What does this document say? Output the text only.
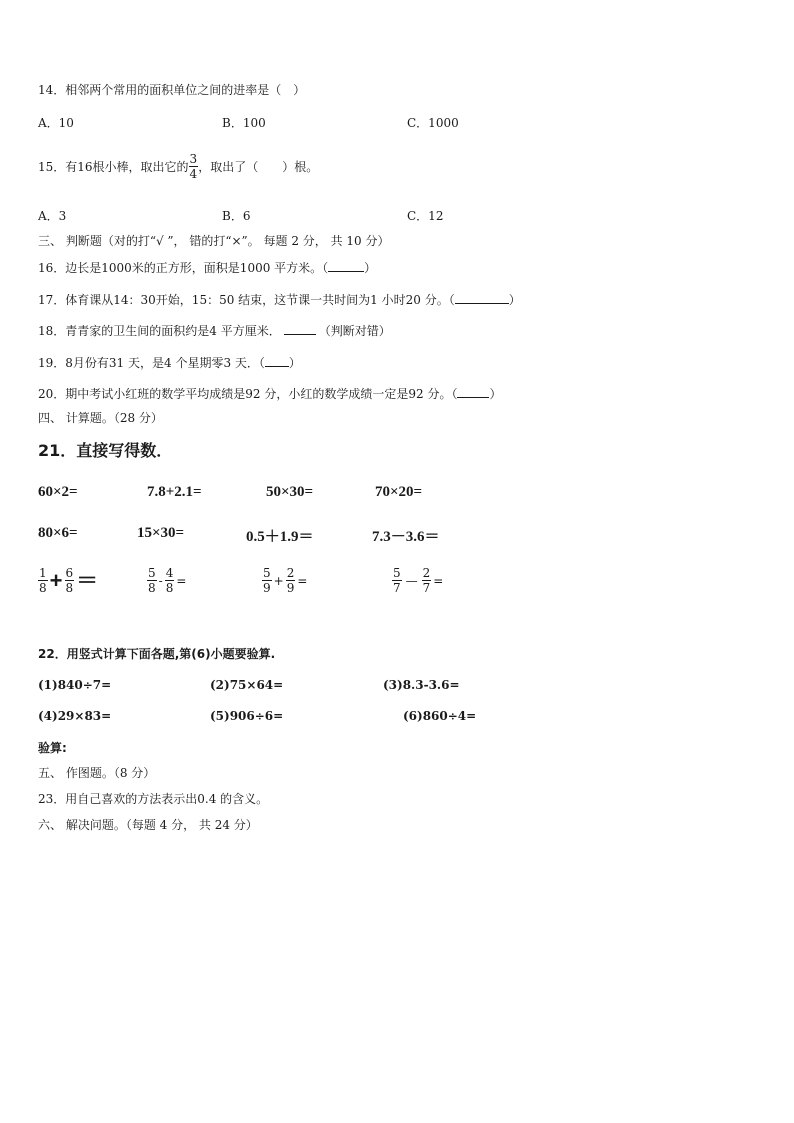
14．相邻两个常用的面积单位之间的进率是（　）
A．10	B．100	C．1000
15．有16根小棒，取出它的 $\frac{3}{4}$ ，取出了（　　）根。
A．3	B．6	C．12
三、 判断题（对的打“√ ”， 错的打“×”。 每题 2 分， 共 10 分）
16．边长是1000米的正方形，面积是1000 平方米。（	）
17．体育课从14：30开始，15：50 结束，这节课一共时间为1 小时20 分。（	）
18．青青家的卫生间的面积约是4 平方厘米．	（判断对错）
19．8月份有31 天，是4 个星期零3 天．（ ）
20．期中考试小红班的数学平均成绩是92 分，小红的数学成绩一定是92 分。（	）
四、 计算题。（28 分）
21．直接写得数．
60×2=	7.8+2.1=	50×30=	70×20=
80×6=	15×30=	0.5＋1.9＝	7.3－3.6＝
$\frac{1}{8} + \frac{6}{8}$ ＝	$\frac{5}{8} - \frac{4}{8}$ =	$\frac{5}{9} + \frac{2}{9}$ =	$\frac{5}{7}$ — $\frac{2}{7}$ =
22．用竖式计算下面各题,第(6)小题要验算.
(1)840÷7=	(2)75×64=	(3)8.3-3.6=
(4)29×83=	(5)906÷6=	(6)860÷4=
验算:
五、 作图题。（8 分）
23．用自己喜欢的方法表示出0.4 的含义。
六、 解决问题。（每题 4 分， 共 24 分）
